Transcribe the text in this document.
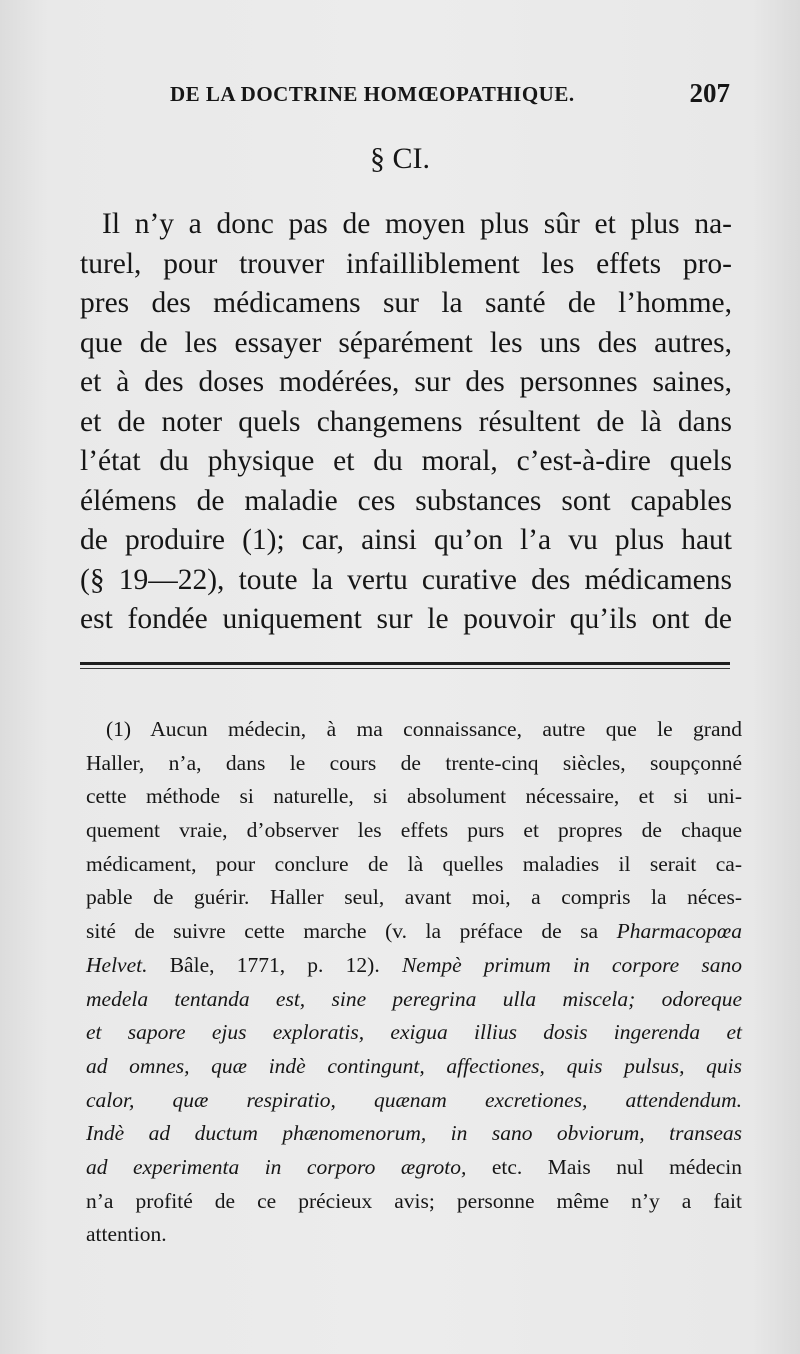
DE LA DOCTRINE HOMŒOPATHIQUE.	207
§ CI.
Il n’y a donc pas de moyen plus sûr et plus na-
turel, pour trouver infailliblement les effets pro-
pres des médicamens sur la santé de l’homme,
que de les essayer séparément les uns des autres,
et à des doses modérées, sur des personnes saines,
et de noter quels changemens résultent de là dans
l’état du physique et du moral, c’est-à-dire quels
élémens de maladie ces substances sont capables
de produire (1); car, ainsi qu’on l’a vu plus haut
(§ 19—22), toute la vertu curative des médicamens
est fondée uniquement sur le pouvoir qu’ils ont de
(1) Aucun médecin, à ma connaissance, autre que le grand
Haller, n’a, dans le cours de trente-cinq siècles, soupçonné
cette méthode si naturelle, si absolument nécessaire, et si uni-
quement vraie, d’observer les effets purs et propres de chaque
médicament, pour conclure de là quelles maladies il serait ca-
pable de guérir. Haller seul, avant moi, a compris la néces-
sité de suivre cette marche (v. la préface de sa Pharmacopœa
Helvet. Bâle, 1771, p. 12). Nempè primum in corpore sano
medela tentanda est, sine peregrina ulla miscela; odoreque
et sapore ejus exploratis, exigua illius dosis ingerenda et
ad omnes, quæ indè contingunt, affectiones, quis pulsus, quis
calor, quæ respiratio, quænam excretiones, attendendum.
Indè ad ductum phænomenorum, in sano obviorum, transeas
ad experimenta in corporo ægroto, etc. Mais nul médecin
n’a profité de ce précieux avis; personne même n’y a fait
attention.
